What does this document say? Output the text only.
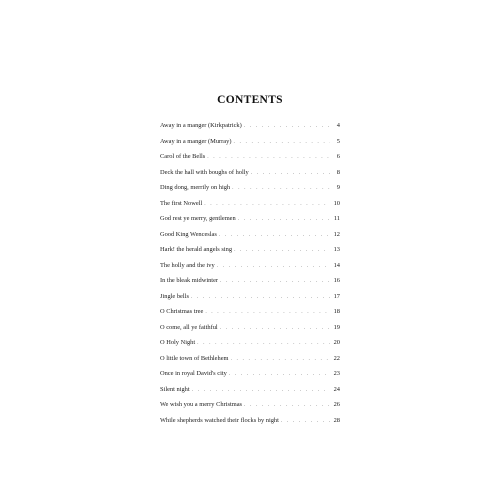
CONTENTS
Away in a manger (Kirkpatrick) . . .	4
Away in a manger (Murray) . . .	5
Carol of the Bells . . .	6
Deck the hall with boughs of holly . . .	8
Ding dong, merrily on high . . .	9
The first Nowell . . .	10
God rest ye merry, gentlemen . . .	11
Good King Wenceslas . . .	12
Hark! the herald angels sing . . .	13
The holly and the ivy . . .	14
In the bleak midwinter . . .	16
Jingle bells . . .	17
O Christmas tree . . .	18
O come, all ye faithful . . .	19
O Holy Night . . .	20
O little town of Bethlehem . . .	22
Once in royal David's city . . .	23
Silent night . . .	24
We wish you a merry Christmas . . .	26
While shepherds watched their flocks by night . . .	28
